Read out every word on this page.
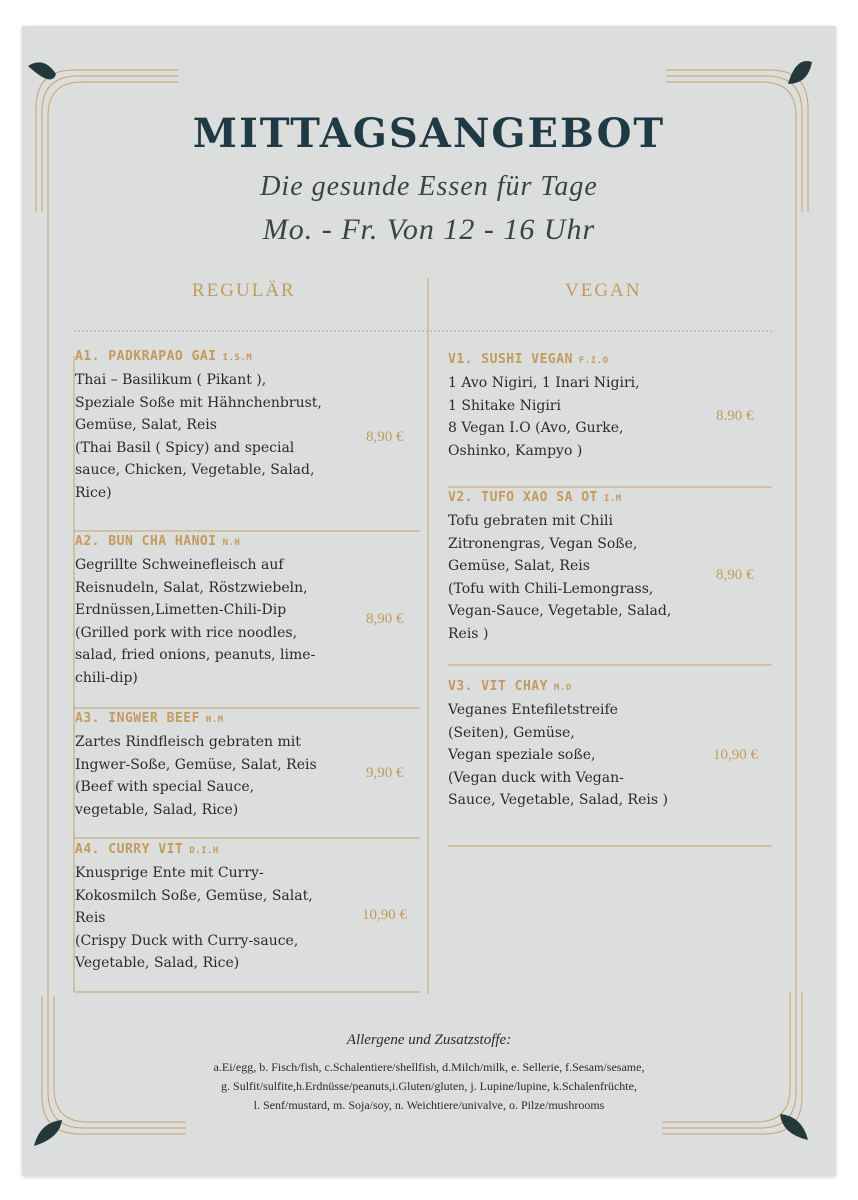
MITTAGSANGEBOT
Die gesunde Essen für Tage
Mo. - Fr. Von 12 - 16 Uhr
REGULÄR	VEGAN
A1. PADKRAPAO GAI I.S.M
Thai – Basilikum ( Pikant ),
Speziale Soße mit Hähnchenbrust,
Gemüse, Salat, Reis
(Thai Basil ( Spicy) and special
sauce, Chicken, Vegetable, Salad,
Rice)
8,90 €
A2. BUN CHA HANOI N.H
Gegrillte Schweinefleisch auf
Reisnudeln, Salat, Röstzwiebeln,
Erdnüssen,Limetten-Chili-Dip
(Grilled pork with rice noodles,
salad, fried onions, peanuts, lime-
chili-dip)
8,90 €
A3. INGWER BEEF H.M
Zartes Rindfleisch gebraten mit
Ingwer-Soße, Gemüse, Salat, Reis
(Beef with special Sauce,
vegetable, Salad, Rice)
9,90 €
A4. CURRY VIT D.I.H
Knusprige Ente mit Curry-
Kokosmilch Soße, Gemüse, Salat,
Reis
(Crispy Duck with Curry-sauce,
Vegetable, Salad, Rice)
10,90 €
V1. SUSHI VEGAN F.I.O
1 Avo Nigiri, 1 Inari Nigiri,
1 Shitake Nigiri
8 Vegan I.O (Avo, Gurke,
Oshinko, Kampyo )
8.90 €
V2. TUFO XAO SA OT I.M
Tofu gebraten mit Chili
Zitronengras, Vegan Soße,
Gemüse, Salat, Reis
(Tofu with Chili-Lemongrass,
Vegan-Sauce, Vegetable, Salad,
Reis )
8,90 €
V3. VIT CHAY M.O
Veganes Entefiletstreife
(Seiten), Gemüse,
Vegan speziale soße,
(Vegan duck with Vegan-
Sauce, Vegetable, Salad, Reis )
10,90 €
Allergene und Zusatzstoffe:
a.Ei/egg, b. Fisch/fish, c.Schalentiere/shellfish, d.Milch/milk, e. Sellerie, f.Sesam/sesame,
g. Sulfit/sulfite,h.Erdnüsse/peanuts,i.Gluten/gluten, j. Lupine/lupine, k.Schalenfrüchte,
l. Senf/mustard, m. Soja/soy, n. Weichtiere/univalve, o. Pilze/mushrooms
